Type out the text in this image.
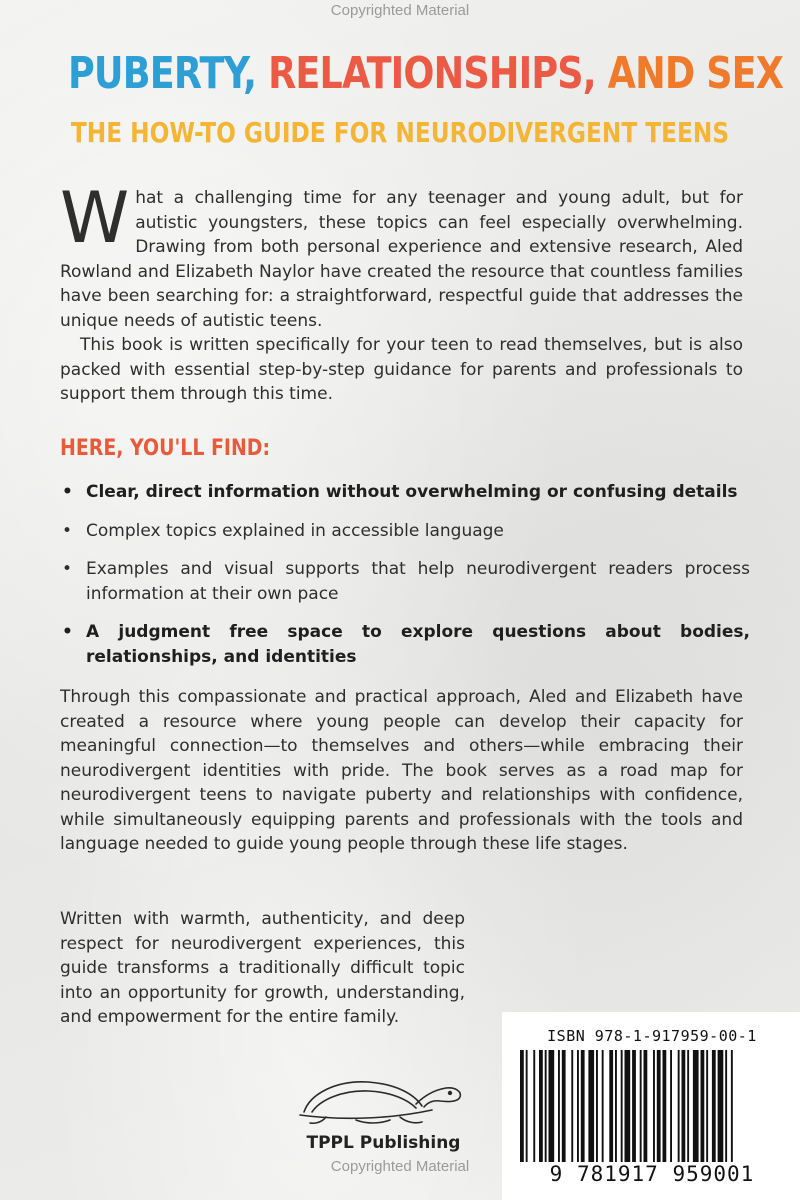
Copyrighted Material
PUBERTY, RELATIONSHIPS, AND SEX
THE HOW-TO GUIDE FOR NEURODIVERGENT TEENS
W hat a challenging time for any teenager and young adult, but for autistic youngsters, these topics can feel especially overwhelming. Drawing from both personal experience and extensive research, Aled Rowland and Elizabeth Naylor have created the resource that countless families have been searching for: a straightforward, respectful guide that addresses the unique needs of autistic teens.

This book is written specifically for your teen to read themselves, but is also packed with essential step-by-step guidance for parents and professionals to support them through this time.

HERE, YOU'LL FIND:
• Clear, direct information without overwhelming or confusing details
• Complex topics explained in accessible language
• Examples and visual supports that help neurodivergent readers process information at their own pace
• A judgment free space to explore questions about bodies, relationships, and identities
Through this compassionate and practical approach, Aled and Elizabeth have created a resource where young people can develop their capacity for meaningful connection—to themselves and others—while embracing their neurodivergent identities with pride. The book serves as a road map for neurodivergent teens to navigate puberty and relationships with confidence, while simultaneously equipping parents and professionals with the tools and language needed to guide young people through these life stages.
Written with warmth, authenticity, and deep respect for neurodivergent experiences, this guide transforms a traditionally difficult topic into an opportunity for growth, understanding, and empowerment for the entire family.
TPPL Publishing
ISBN 978-1-917959-00-1
9 781917 959001
Copyrighted Material
